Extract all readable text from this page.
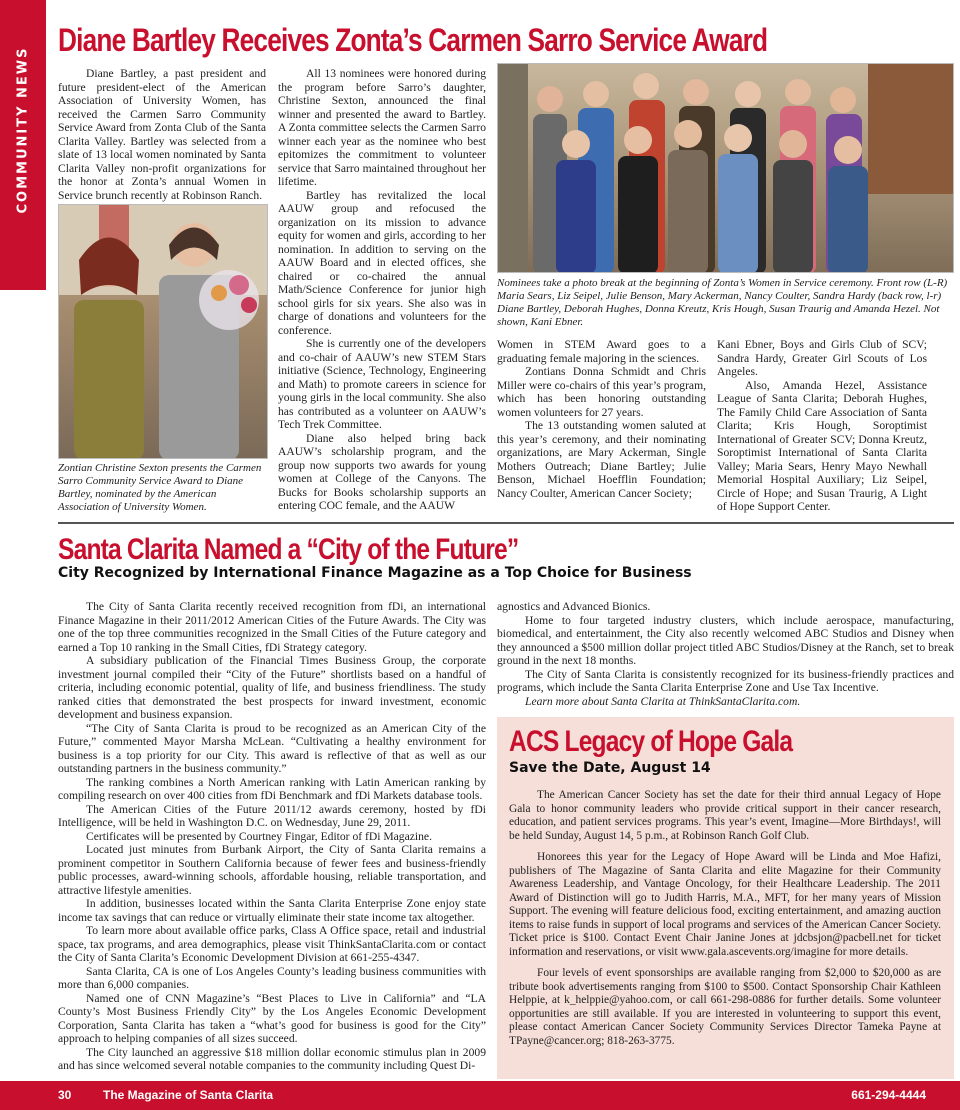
COMMUNITY NEWS
Diane Bartley Receives Zonta’s Carmen Sarro Service Award

Diane Bartley, a past president and future president-elect of the American Association of University Women, has received the Carmen Sarro Community Service Award from Zonta Club of the Santa Clarita Valley. Bartley was selected from a slate of 13 local women nominated by Santa Clarita Valley non-profit organizations for the honor at Zonta’s annual Women in Service brunch recently at Robinson Ranch.

Zontian Christine Sexton presents the Carmen Sarro Community Service Award to Diane Bartley, nominated by the American Association of University Women.

All 13 nominees were honored during the program before Sarro’s daughter, Christine Sexton, announced the final winner and presented the award to Bartley. A Zonta committee selects the Carmen Sarro winner each year as the nominee who best epitomizes the commitment to volunteer service that Sarro maintained throughout her lifetime.

Bartley has revitalized the local AAUW group and refocused the organization on its mission to advance equity for women and girls, according to her nomination. In addition to serving on the AAUW Board and in elected offices, she chaired or co-chaired the annual Math/Science Conference for junior high school girls for six years. She also was in charge of donations and volunteers for the conference.

She is currently one of the developers and co-chair of AAUW’s new STEM Stars initiative (Science, Technology, Engineering and Math) to promote careers in science for young girls in the local community. She also has contributed as a volunteer on AAUW’s Tech Trek Committee.

Diane also helped bring back AAUW’s scholarship program, and the group now supports two awards for young women at College of the Canyons. The Bucks for Books scholarship supports an entering COC female, and the AAUW

Nominees take a photo break at the beginning of Zonta’s Women in Service ceremony. Front row (L-R) Maria Sears, Liz Seipel, Julie Benson, Mary Ackerman, Nancy Coulter, Sandra Hardy (back row, l-r) Diane Bartley, Deborah Hughes, Donna Kreutz, Kris Hough, Susan Traurig and Amanda Hezel. Not shown, Kani Ebner.

Women in STEM Award goes to a graduating female majoring in the sciences.

Zontians Donna Schmidt and Chris Miller were co-chairs of this year’s program, which has been honoring outstanding women volunteers for 27 years.

The 13 outstanding women saluted at this year’s ceremony, and their nominating organizations, are Mary Ackerman, Single Mothers Outreach; Diane Bartley; Julie Benson, Michael Hoefflin Foundation; Nancy Coulter, American Cancer Society;

Kani Ebner, Boys and Girls Club of SCV; Sandra Hardy, Greater Girl Scouts of Los Angeles.

Also, Amanda Hezel, Assistance League of Santa Clarita; Deborah Hughes, The Family Child Care Association of Santa Clarita; Kris Hough, Soroptimist International of Greater SCV; Donna Kreutz, Soroptimist International of Santa Clarita Valley; Maria Sears, Henry Mayo Newhall Memorial Hospital Auxiliary; Liz Seipel, Circle of Hope; and Susan Traurig, A Light of Hope Support Center.

Santa Clarita Named a “City of the Future”
City Recognized by International Finance Magazine as a Top Choice for Business

The City of Santa Clarita recently received recognition from fDi, an international Finance Magazine in their 2011/2012 American Cities of the Future Awards. The City was one of the top three communities recognized in the Small Cities of the Future category and earned a Top 10 ranking in the Small Cities, fDi Strategy category.

A subsidiary publication of the Financial Times Business Group, the corporate investment journal compiled their “City of the Future” shortlists based on a handful of criteria, including economic potential, quality of life, and business friendliness. The study ranked cities that demonstrated the best prospects for inward investment, economic development and business expansion.

“The City of Santa Clarita is proud to be recognized as an American City of the Future,” commented Mayor Marsha McLean. “Cultivating a healthy environment for business is a top priority for our City. This award is reflective of that as well as our outstanding partners in the business community.”

The ranking combines a North American ranking with Latin American ranking by compiling research on over 400 cities from fDi Benchmark and fDi Markets database tools.

The American Cities of the Future 2011/12 awards ceremony, hosted by fDi Intelligence, will be held in Washington D.C. on Wednesday, June 29, 2011.

Certificates will be presented by Courtney Fingar, Editor of fDi Magazine.

Located just minutes from Burbank Airport, the City of Santa Clarita remains a prominent competitor in Southern California because of fewer fees and business-friendly public processes, award-winning schools, affordable housing, reliable transportation, and attractive lifestyle amenities.

In addition, businesses located within the Santa Clarita Enterprise Zone enjoy state income tax savings that can reduce or virtually eliminate their state income tax altogether.

To learn more about available office parks, Class A Office space, retail and industrial space, tax programs, and area demographics, please visit ThinkSantaClarita.com or contact the City of Santa Clarita’s Economic Development Division at 661-255-4347.

Santa Clarita, CA is one of Los Angeles County’s leading business communities with more than 6,000 companies.

Named one of CNN Magazine’s “Best Places to Live in California” and “LA County’s Most Business Friendly City” by the Los Angeles Economic Development Corporation, Santa Clarita has taken a “what’s good for business is good for the City” approach to helping companies of all sizes succeed.

The City launched an aggressive $18 million dollar economic stimulus plan in 2009 and has since welcomed several notable companies to the community including Quest Di-

agnostics and Advanced Bionics.

Home to four targeted industry clusters, which include aerospace, manufacturing, biomedical, and entertainment, the City also recently welcomed ABC Studios and Disney when they announced a $500 million dollar project titled ABC Studios/Disney at the Ranch, set to break ground in the next 18 months.

The City of Santa Clarita is consistently recognized for its business-friendly practices and programs, which include the Santa Clarita Enterprise Zone and Use Tax Incentive.

Learn more about Santa Clarita at ThinkSantaClarita.com.

ACS Legacy of Hope Gala
Save the Date, August 14

The American Cancer Society has set the date for their third annual Legacy of Hope Gala to honor community leaders who provide critical support in their cancer research, education, and patient services programs. This year’s event, Imagine—More Birthdays!, will be held Sunday, August 14, 5 p.m., at Robinson Ranch Golf Club.

Honorees this year for the Legacy of Hope Award will be Linda and Moe Hafizi, publishers of The Magazine of Santa Clarita and elite Magazine for their Community Awareness Leadership, and Vantage Oncology, for their Healthcare Leadership. The 2011 Award of Distinction will go to Judith Harris, M.A., MFT, for her many years of Mission Support. The evening will feature delicious food, exciting entertainment, and amazing auction items to raise funds in support of local programs and services of the American Cancer Society. Ticket price is $100. Contact Event Chair Janine Jones at jdcbsjon@pacbell.net for ticket information and reservations, or visit www.gala.ascevents.org/imagine for more details.

Four levels of event sponsorships are available ranging from $2,000 to $20,000 as are tribute book advertisements ranging from $100 to $500. Contact Sponsorship Chair Kathleen Helppie, at k_helppie@yahoo.com, or call 661-298-0886 for further details. Some volunteer opportunities are still available. If you are interested in volunteering to support this event, please contact American Cancer Society Community Services Director Tameka Payne at TPayne@cancer.org; 818-263-3775.

30	The Magazine of Santa Clarita	661-294-4444
